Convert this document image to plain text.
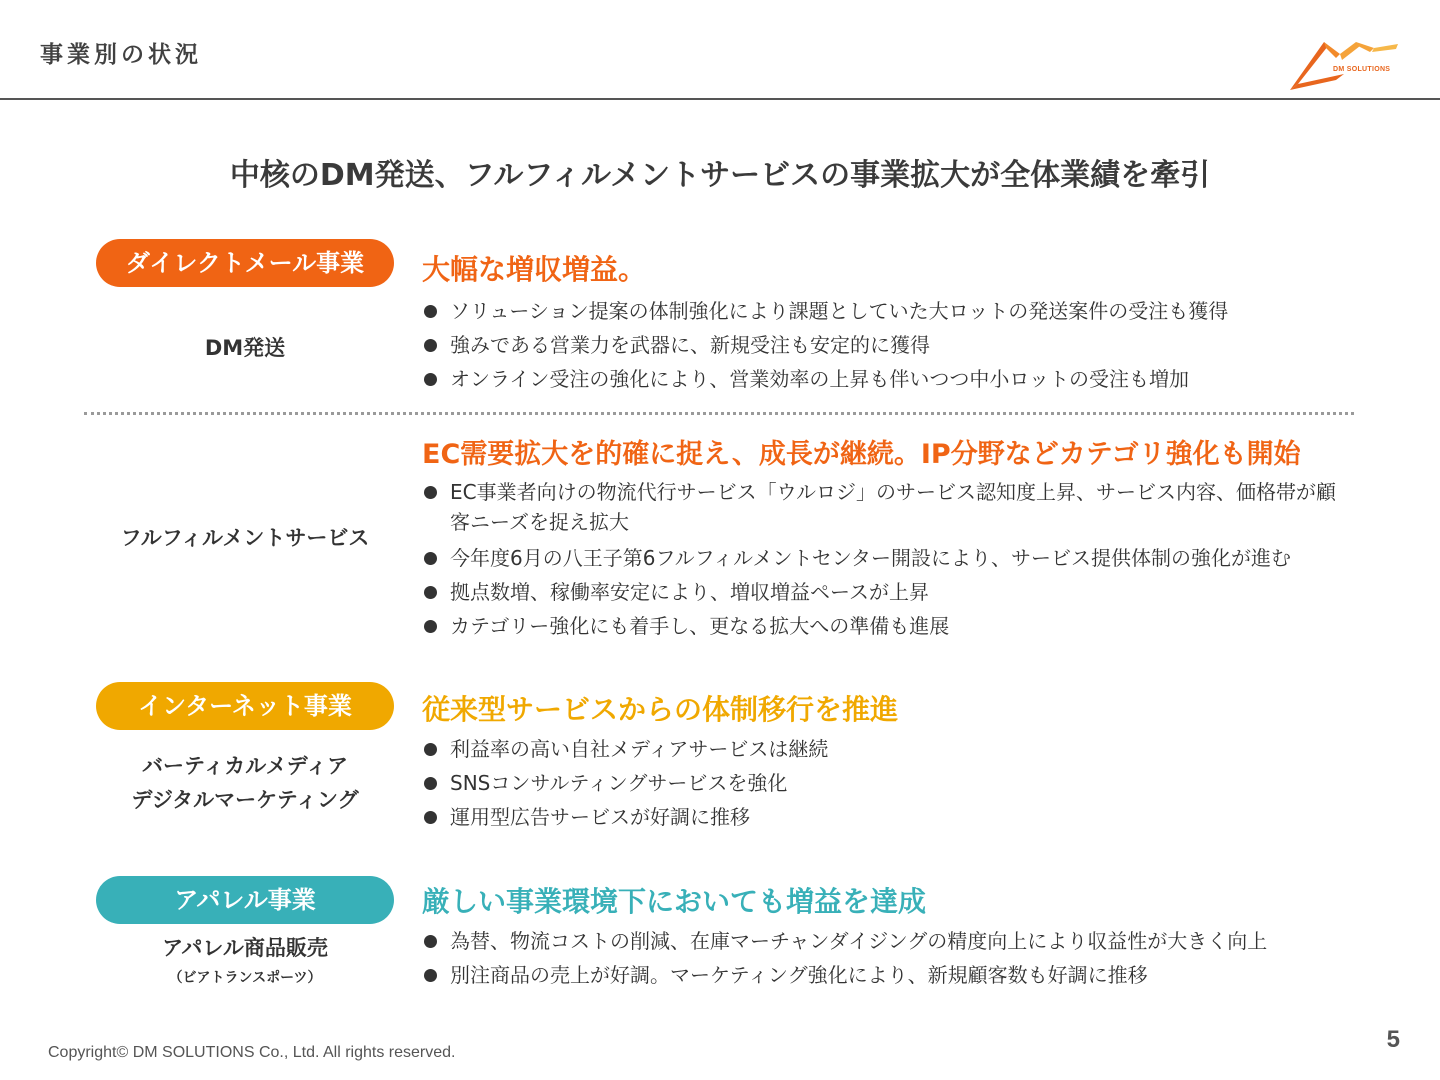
事業別の状況
DM SOLUTIONS
中核のDM発送、フルフィルメントサービスの事業拡大が全体業績を牽引
ダイレクトメール事業
DM発送
大幅な増収増益。
ソリューション提案の体制強化により課題としていた大ロットの発送案件の受注も獲得
強みである営業力を武器に、新規受注も安定的に獲得
オンライン受注の強化により、営業効率の上昇も伴いつつ中小ロットの受注も増加
フルフィルメントサービス
EC需要拡大を的確に捉え、成長が継続。IP分野などカテゴリ強化も開始
EC事業者向けの物流代行サービス「ウルロジ」のサービス認知度上昇、サービス内容、価格帯が顧客ニーズを捉え拡大
今年度6月の八王子第6フルフィルメントセンター開設により、サービス提供体制の強化が進む
拠点数増、稼働率安定により、増収増益ペースが上昇
カテゴリー強化にも着手し、更なる拡大への準備も進展
インターネット事業
バーティカルメディア
デジタルマーケティング
従来型サービスからの体制移行を推進
利益率の高い自社メディアサービスは継続
SNSコンサルティングサービスを強化
運用型広告サービスが好調に推移
アパレル事業
アパレル商品販売
（ビアトランスポーツ）
厳しい事業環境下においても増益を達成
為替、物流コストの削減、在庫マーチャンダイジングの精度向上により収益性が大きく向上
別注商品の売上が好調。マーケティング強化により、新規顧客数も好調に推移
Copyright© DM SOLUTIONS Co., Ltd. All rights reserved.	5
